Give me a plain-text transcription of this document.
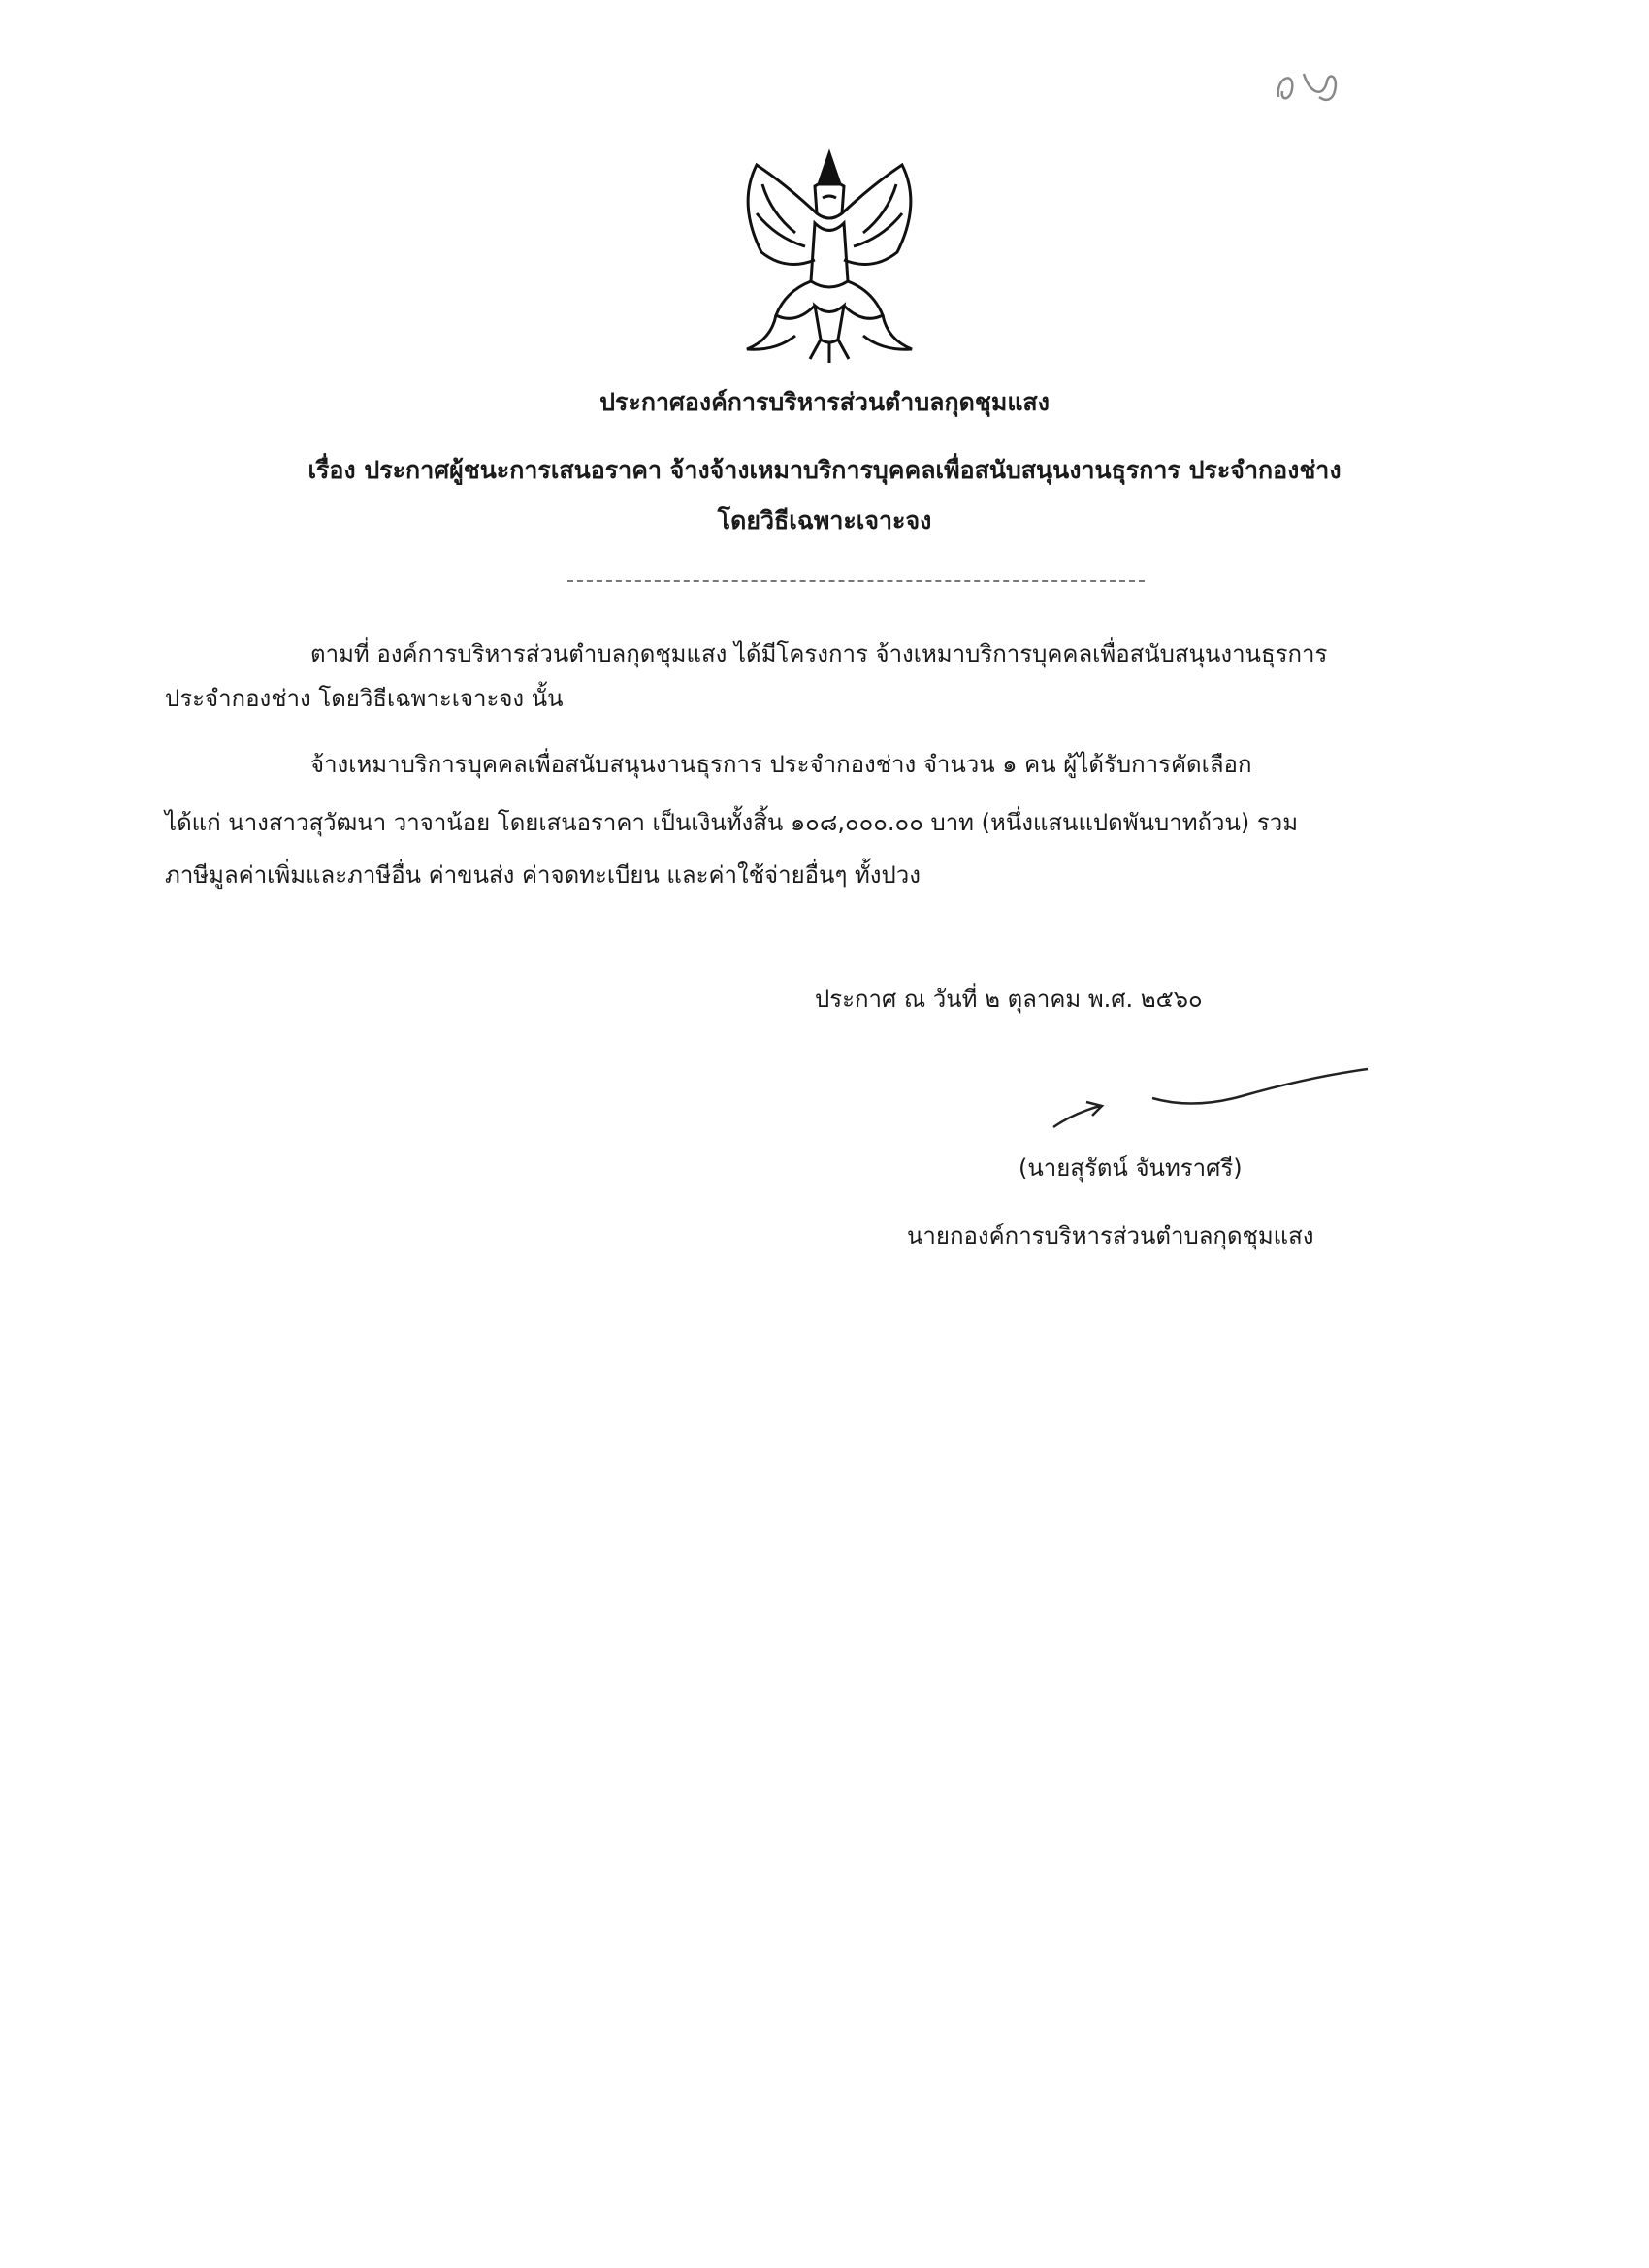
ประกาศองค์การบริหารส่วนตำบลกุดชุมแสง
เรื่อง ประกาศผู้ชนะการเสนอราคา จ้างจ้างเหมาบริการบุคคลเพื่อสนับสนุนงานธุรการ ประจำกองช่าง
โดยวิธีเฉพาะเจาะจง
ตามที่ องค์การบริหารส่วนตำบลกุดชุมแสง ได้มีโครงการ จ้างเหมาบริการบุคคลเพื่อสนับสนุนงานธุรการ
ประจำกองช่าง โดยวิธีเฉพาะเจาะจง นั้น
จ้างเหมาบริการบุคคลเพื่อสนับสนุนงานธุรการ ประจำกองช่าง จำนวน ๑ คน ผู้ได้รับการคัดเลือก
ได้แก่ นางสาวสุวัฒนา วาจาน้อย โดยเสนอราคา เป็นเงินทั้งสิ้น ๑๐๘,๐๐๐.๐๐ บาท (หนึ่งแสนแปดพันบาทถ้วน) รวม
ภาษีมูลค่าเพิ่มและภาษีอื่น ค่าขนส่ง ค่าจดทะเบียน และค่าใช้จ่ายอื่นๆ ทั้งปวง
ประกาศ ณ วันที่ ๒ ตุลาคม พ.ศ. ๒๕๖๐
(นายสุรัตน์ จันทราศรี)
นายกองค์การบริหารส่วนตำบลกุดชุมแสง
